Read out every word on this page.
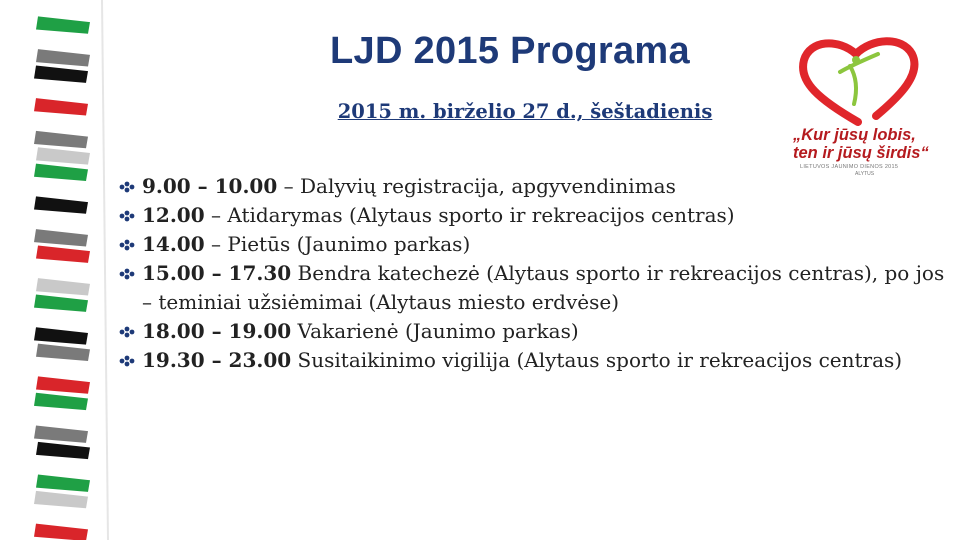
LJD 2015 Programa
2015 m. birželio 27 d., šeštadienis
„Kur jūsų lobis,
ten ir jūsų širdis“
LIETUVOS JAUNIMO DIENOS 2015
ALYTUS
9.00 – 10.00 – Dalyvių registracija, apgyvendinimas
12.00 – Atidarymas (Alytaus sporto ir rekreacijos centras)
14.00 – Pietūs (Jaunimo parkas)
15.00 – 17.30 Bendra katechezė (Alytaus sporto ir rekreacijos centras), po jos – teminiai užsiėmimai (Alytaus miesto erdvėse)
18.00 – 19.00 Vakarienė (Jaunimo parkas)
19.30 – 23.00 Susitaikinimo vigilija (Alytaus sporto ir rekreacijos centras)
